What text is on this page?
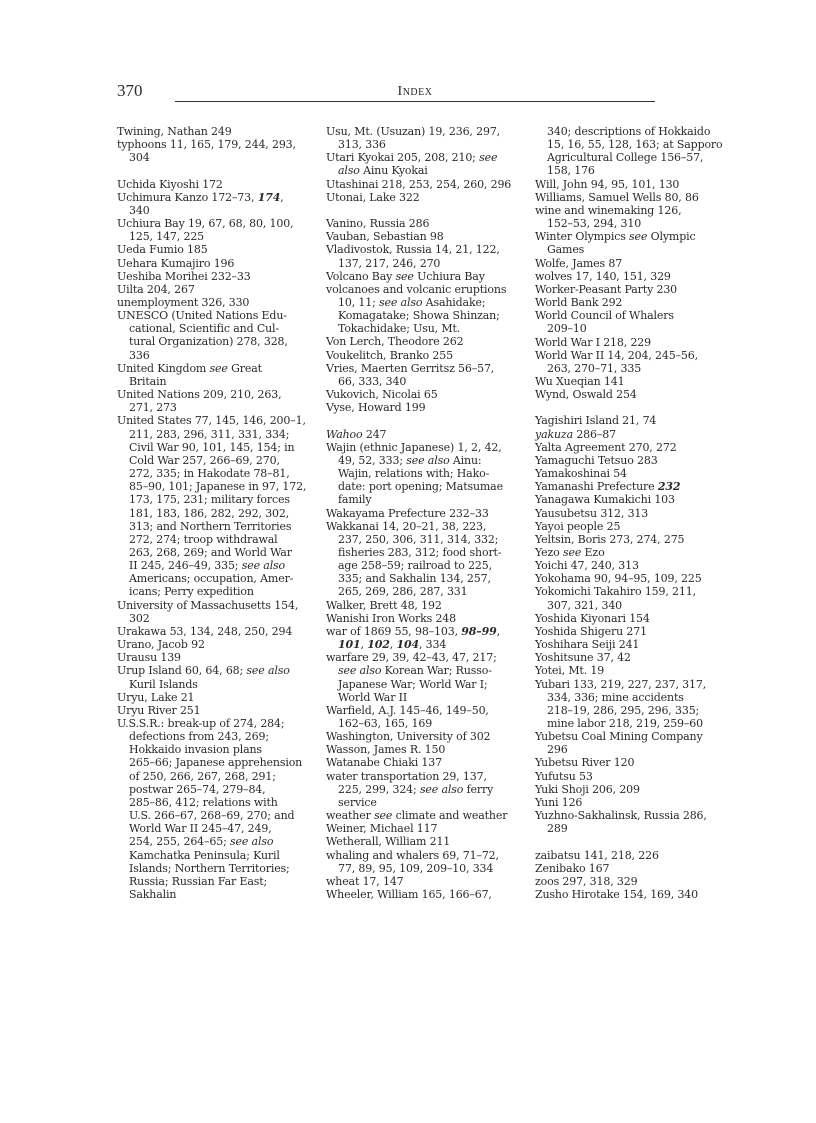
370	Index
Twining, Nathan 249
typhoons 11, 165, 179, 244, 293,
304
Uchida Kiyoshi 172
Uchimura Kanzo 172–73, 174,
340
Uchiura Bay 19, 67, 68, 80, 100,
125, 147, 225
Ueda Fumio 185
Uehara Kumajiro 196
Ueshiba Morihei 232–33
Uilta 204, 267
unemployment 326, 330
UNESCO (United Nations Edu-
cational, Scientific and Cul-
tural Organization) 278, 328,
336
United Kingdom see Great
Britain
United Nations 209, 210, 263,
271, 273
United States 77, 145, 146, 200–1,
211, 283, 296, 311, 331, 334;
Civil War 90, 101, 145, 154; in
Cold War 257, 266–69, 270,
272, 335; in Hakodate 78–81,
85–90, 101; Japanese in 97, 172,
173, 175, 231; military forces
181, 183, 186, 282, 292, 302,
313; and Northern Territories
272, 274; troop withdrawal
263, 268, 269; and World War
II 245, 246–49, 335; see also
Americans; occupation, Amer-
icans; Perry expedition
University of Massachusetts 154,
302
Urakawa 53, 134, 248, 250, 294
Urano, Jacob 92
Urausu 139
Urup Island 60, 64, 68; see also
Kuril Islands
Uryu, Lake 21
Uryu River 251
U.S.S.R.: break-up of 274, 284;
defections from 243, 269;
Hokkaido invasion plans
265–66; Japanese apprehension
of 250, 266, 267, 268, 291;
postwar 265–74, 279–84,
285–86, 412; relations with
U.S. 266–67, 268–69, 270; and
World War II 245–47, 249,
254, 255, 264–65; see also
Kamchatka Peninsula; Kuril
Islands; Northern Territories;
Russia; Russian Far East;
Sakhalin
Usu, Mt. (Usuzan) 19, 236, 297,
313, 336
Utari Kyokai 205, 208, 210; see
also Ainu Kyokai
Utashinai 218, 253, 254, 260, 296
Utonai, Lake 322
Vanino, Russia 286
Vauban, Sebastian 98
Vladivostok, Russia 14, 21, 122,
137, 217, 246, 270
Volcano Bay see Uchiura Bay
volcanoes and volcanic eruptions
10, 11; see also Asahidake;
Komagatake; Showa Shinzan;
Tokachidake; Usu, Mt.
Von Lerch, Theodore 262
Voukelitch, Branko 255
Vries, Maerten Gerritsz 56–57,
66, 333, 340
Vukovich, Nicolai 65
Vyse, Howard 199
Wahoo 247
Wajin (ethnic Japanese) 1, 2, 42,
49, 52, 333; see also Ainu:
Wajin, relations with; Hako-
date: port opening; Matsumae
family
Wakayama Prefecture 232–33
Wakkanai 14, 20–21, 38, 223,
237, 250, 306, 311, 314, 332;
fisheries 283, 312; food short-
age 258–59; railroad to 225,
335; and Sakhalin 134, 257,
265, 269, 286, 287, 331
Walker, Brett 48, 192
Wanishi Iron Works 248
war of 1869 55, 98–103, 98–99,
101, 102, 104, 334
warfare 29, 39, 42–43, 47, 217;
see also Korean War; Russo-
Japanese War; World War I;
World War II
Warfield, A.J. 145–46, 149–50,
162–63, 165, 169
Washington, University of 302
Wasson, James R. 150
Watanabe Chiaki 137
water transportation 29, 137,
225, 299, 324; see also ferry
service
weather see climate and weather
Weiner, Michael 117
Wetherall, William 211
whaling and whalers 69, 71–72,
77, 89, 95, 109, 209–10, 334
wheat 17, 147
Wheeler, William 165, 166–67,
340; descriptions of Hokkaido
15, 16, 55, 128, 163; at Sapporo
Agricultural College 156–57,
158, 176
Will, John 94, 95, 101, 130
Williams, Samuel Wells 80, 86
wine and winemaking 126,
152–53, 294, 310
Winter Olympics see Olympic
Games
Wolfe, James 87
wolves 17, 140, 151, 329
Worker-Peasant Party 230
World Bank 292
World Council of Whalers
209–10
World War I 218, 229
World War II 14, 204, 245–56,
263, 270–71, 335
Wu Xueqian 141
Wynd, Oswald 254
Yagishiri Island 21, 74
yakuza 286–87
Yalta Agreement 270, 272
Yamaguchi Tetsuo 283
Yamakoshinai 54
Yamanashi Prefecture 232
Yanagawa Kumakichi 103
Yausubetsu 312, 313
Yayoi people 25
Yeltsin, Boris 273, 274, 275
Yezo see Ezo
Yoichi 47, 240, 313
Yokohama 90, 94–95, 109, 225
Yokomichi Takahiro 159, 211,
307, 321, 340
Yoshida Kiyonari 154
Yoshida Shigeru 271
Yoshihara Seiji 241
Yoshitsune 37, 42
Yotei, Mt. 19
Yubari 133, 219, 227, 237, 317,
334, 336; mine accidents
218–19, 286, 295, 296, 335;
mine labor 218, 219, 259–60
Yubetsu Coal Mining Company
296
Yubetsu River 120
Yufutsu 53
Yuki Shoji 206, 209
Yuni 126
Yuzhno-Sakhalinsk, Russia 286,
289
zaibatsu 141, 218, 226
Zenibako 167
zoos 297, 318, 329
Zusho Hirotake 154, 169, 340
